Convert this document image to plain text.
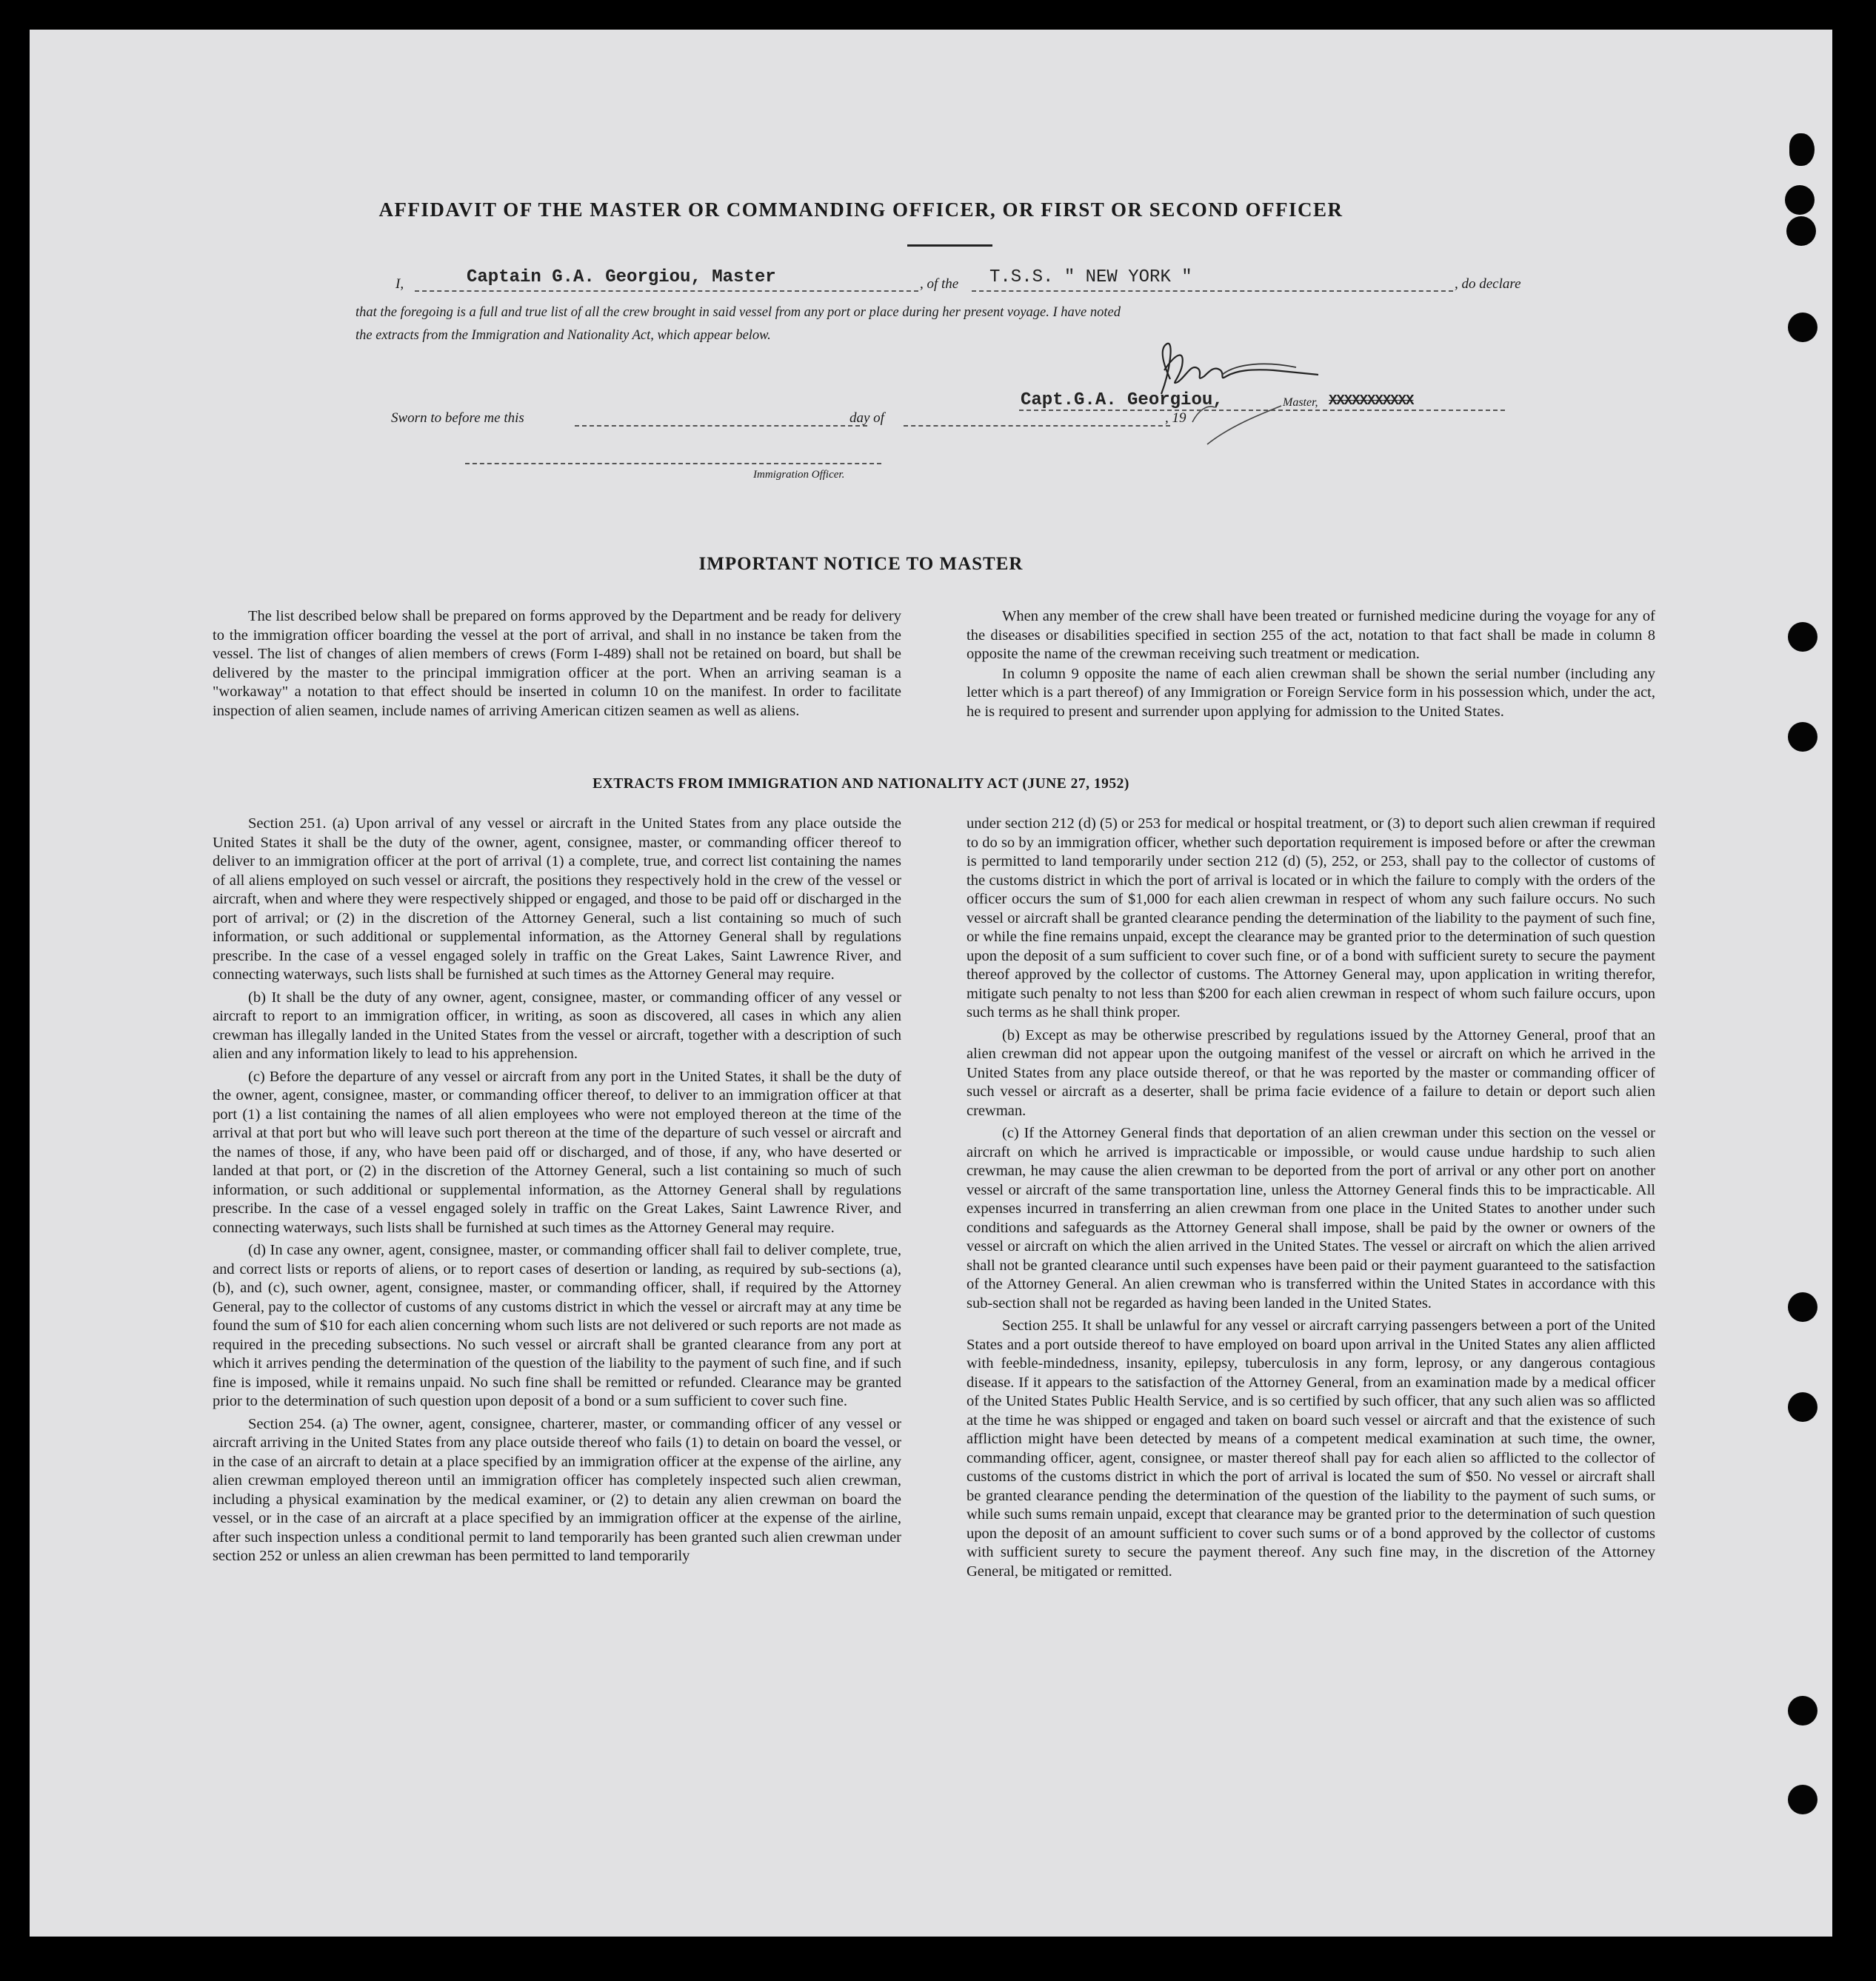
AFFIDAVIT OF THE MASTER OR COMMANDING OFFICER, OR FIRST OR SECOND OFFICER
I,	Captain G.A. Georgiou, Master	, of the T.S.S. " NEW YORK "	, do declare
that the foregoing is a full and true list of all the crew brought in said vessel from any port or place during her present voyage. I have noted
the extracts from the Immigration and Nationality Act, which appear below.
Sworn to before me this	day of	, 19
Capt.G.A. Georgiou,	Master, XXXXXXXXXXX
Immigration Officer.
IMPORTANT NOTICE TO MASTER

The list described below shall be prepared on forms approved by the Department and be ready for delivery to the immigration officer boarding the vessel at the port of arrival, and shall in no instance be taken from the vessel. The list of changes of alien members of crews (Form I-489) shall not be retained on board, but shall be delivered by the master to the principal immigration officer at the port. When an arriving seaman is a "workaway" a notation to that effect should be inserted in column 10 on the manifest. In order to facilitate inspection of alien seamen, include names of arriving American citizen seamen as well as aliens.

When any member of the crew shall have been treated or furnished medicine during the voyage for any of the diseases or disabilities specified in section 255 of the act, notation to that fact shall be made in column 8 opposite the name of the crewman receiving such treatment or medication.

In column 9 opposite the name of each alien crewman shall be shown the serial number (including any letter which is a part thereof) of any Immigration or Foreign Service form in his possession which, under the act, he is required to present and surrender upon applying for admission to the United States.

EXTRACTS FROM IMMIGRATION AND NATIONALITY ACT (JUNE 27, 1952)

Section 251. (a) Upon arrival of any vessel or aircraft in the United States from any place outside the United States it shall be the duty of the owner, agent, consignee, master, or commanding officer thereof to deliver to an immigration officer at the port of arrival (1) a complete, true, and correct list containing the names of all aliens employed on such vessel or aircraft, the positions they respectively hold in the crew of the vessel or aircraft, when and where they were respectively shipped or engaged, and those to be paid off or discharged in the port of arrival; or (2) in the discretion of the Attorney General, such a list containing so much of such information, or such additional or supplemental information, as the Attorney General shall by regulations prescribe. In the case of a vessel engaged solely in traffic on the Great Lakes, Saint Lawrence River, and connecting waterways, such lists shall be furnished at such times as the Attorney General may require.

(b) It shall be the duty of any owner, agent, consignee, master, or commanding officer of any vessel or aircraft to report to an immigration officer, in writing, as soon as discovered, all cases in which any alien crewman has illegally landed in the United States from the vessel or aircraft, together with a description of such alien and any information likely to lead to his apprehension.

(c) Before the departure of any vessel or aircraft from any port in the United States, it shall be the duty of the owner, agent, consignee, master, or commanding officer thereof, to deliver to an immigration officer at that port (1) a list containing the names of all alien employees who were not employed thereon at the time of the arrival at that port but who will leave such port thereon at the time of the departure of such vessel or aircraft and the names of those, if any, who have been paid off or discharged, and of those, if any, who have deserted or landed at that port, or (2) in the discretion of the Attorney General, such a list containing so much of such information, or such additional or supplemental information, as the Attorney General shall by regulations prescribe. In the case of a vessel engaged solely in traffic on the Great Lakes, Saint Lawrence River, and connecting waterways, such lists shall be furnished at such times as the Attorney General may require.

(d) In case any owner, agent, consignee, master, or commanding officer shall fail to deliver complete, true, and correct lists or reports of aliens, or to report cases of desertion or landing, as required by sub-sections (a), (b), and (c), such owner, agent, consignee, master, or commanding officer, shall, if required by the Attorney General, pay to the collector of customs of any customs district in which the vessel or aircraft may at any time be found the sum of $10 for each alien concerning whom such lists are not delivered or such reports are not made as required in the preceding subsections. No such vessel or aircraft shall be granted clearance from any port at which it arrives pending the determination of the question of the liability to the payment of such fine, and if such fine is imposed, while it remains unpaid. No such fine shall be remitted or refunded. Clearance may be granted prior to the determination of such question upon deposit of a bond or a sum sufficient to cover such fine.

Section 254. (a) The owner, agent, consignee, charterer, master, or commanding officer of any vessel or aircraft arriving in the United States from any place outside thereof who fails (1) to detain on board the vessel, or in the case of an aircraft to detain at a place specified by an immigration officer at the expense of the airline, any alien crewman employed thereon until an immigration officer has completely inspected such alien crewman, including a physical examination by the medical examiner, or (2) to detain any alien crewman on board the vessel, or in the case of an aircraft at a place specified by an immigration officer at the expense of the airline, after such inspection unless a conditional permit to land temporarily has been granted such alien crewman under section 252 or unless an alien crewman has been permitted to land temporarily

under section 212 (d) (5) or 253 for medical or hospital treatment, or (3) to deport such alien crewman if required to do so by an immigration officer, whether such deportation requirement is imposed before or after the crewman is permitted to land temporarily under section 212 (d) (5), 252, or 253, shall pay to the collector of customs of the customs district in which the port of arrival is located or in which the failure to comply with the orders of the officer occurs the sum of $1,000 for each alien crewman in respect of whom any such failure occurs. No such vessel or aircraft shall be granted clearance pending the determination of the liability to the payment of such fine, or while the fine remains unpaid, except the clearance may be granted prior to the determination of such question upon the deposit of a sum sufficient to cover such fine, or of a bond with sufficient surety to secure the payment thereof approved by the collector of customs. The Attorney General may, upon application in writing therefor, mitigate such penalty to not less than $200 for each alien crewman in respect of whom such failure occurs, upon such terms as he shall think proper.

(b) Except as may be otherwise prescribed by regulations issued by the Attorney General, proof that an alien crewman did not appear upon the outgoing manifest of the vessel or aircraft on which he arrived in the United States from any place outside thereof, or that he was reported by the master or commanding officer of such vessel or aircraft as a deserter, shall be prima facie evidence of a failure to detain or deport such alien crewman.

(c) If the Attorney General finds that deportation of an alien crewman under this section on the vessel or aircraft on which he arrived is impracticable or impossible, or would cause undue hardship to such alien crewman, he may cause the alien crewman to be deported from the port of arrival or any other port on another vessel or aircraft of the same transportation line, unless the Attorney General finds this to be impracticable. All expenses incurred in transferring an alien crewman from one place in the United States to another under such conditions and safeguards as the Attorney General shall impose, shall be paid by the owner or owners of the vessel or aircraft on which the alien arrived in the United States. The vessel or aircraft on which the alien arrived shall not be granted clearance until such expenses have been paid or their payment guaranteed to the satisfaction of the Attorney General. An alien crewman who is transferred within the United States in accordance with this sub-section shall not be regarded as having been landed in the United States.

Section 255. It shall be unlawful for any vessel or aircraft carrying passengers between a port of the United States and a port outside thereof to have employed on board upon arrival in the United States any alien afflicted with feeble-mindedness, insanity, epilepsy, tuberculosis in any form, leprosy, or any dangerous contagious disease. If it appears to the satisfaction of the Attorney General, from an examination made by a medical officer of the United States Public Health Service, and is so certified by such officer, that any such alien was so afflicted at the time he was shipped or engaged and taken on board such vessel or aircraft and that the existence of such affliction might have been detected by means of a competent medical examination at such time, the owner, commanding officer, agent, consignee, or master thereof shall pay for each alien so afflicted to the collector of customs of the customs district in which the port of arrival is located the sum of $50. No vessel or aircraft shall be granted clearance pending the determination of the question of the liability to the payment of such sums, or while such sums remain unpaid, except that clearance may be granted prior to the determination of such question upon the deposit of an amount sufficient to cover such sums or of a bond approved by the collector of customs with sufficient surety to secure the payment thereof. Any such fine may, in the discretion of the Attorney General, be mitigated or remitted.
